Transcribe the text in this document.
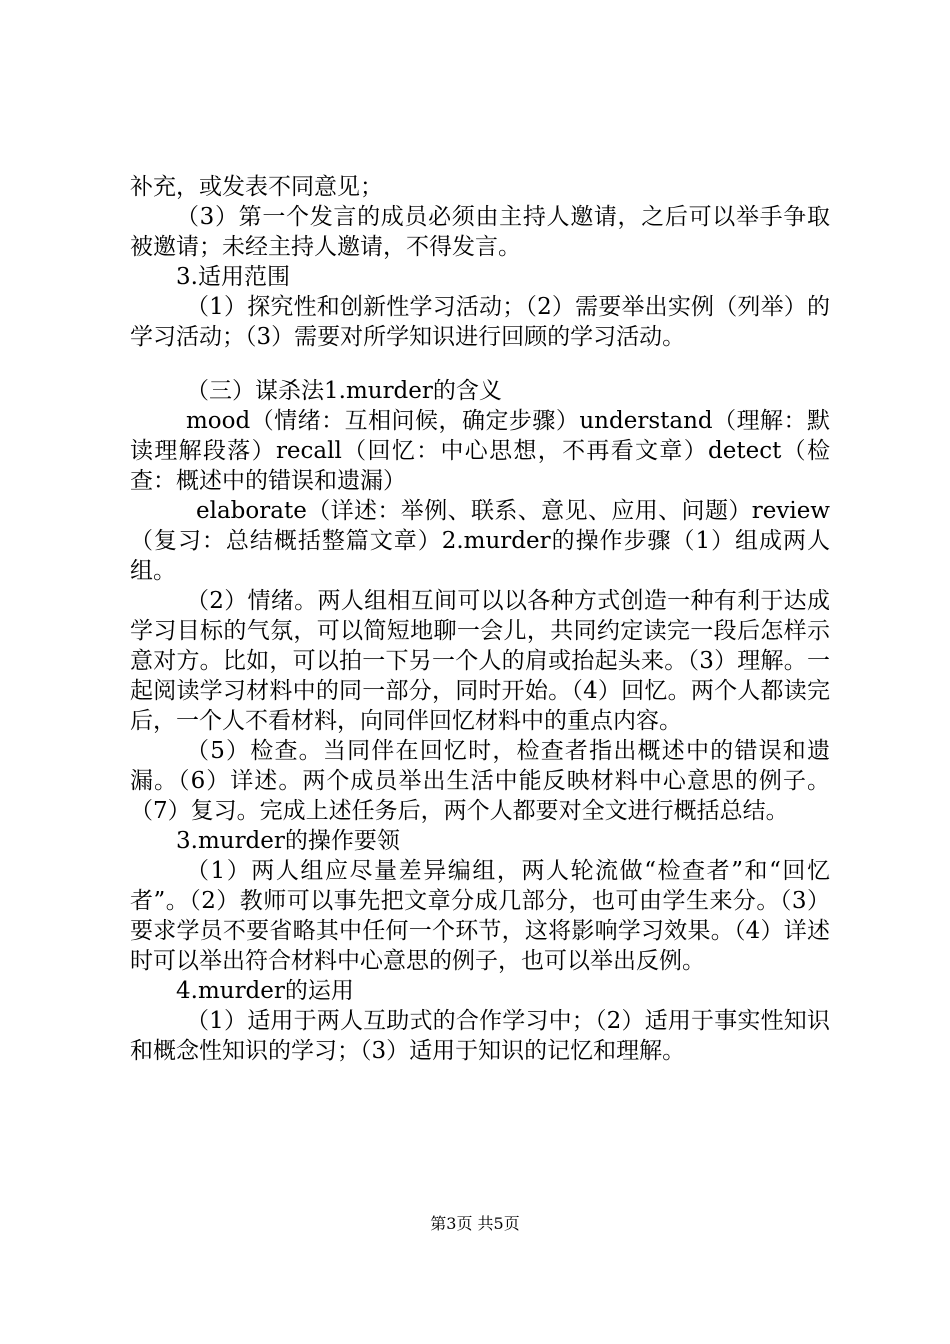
补充，或发表不同意见；

（3）第一个发言的成员必须由主持人邀请，之后可以举手争取被邀请；未经主持人邀请，不得发言。

3.适用范围

（1）探究性和创新性学习活动；（2）需要举出实例（列举）的学习活动；（3）需要对所学知识进行回顾的学习活动。

（三）谋杀法1.murder的含义

mood（情绪：互相问候，确定步骤）understand（理解：默读理解段落）recall（回忆：中心思想，不再看文章）detect（检查：概述中的错误和遗漏）

elaborate（详述：举例、联系、意见、应用、问题）review（复习：总结概括整篇文章）2.murder的操作步骤（1）组成两人组。

（2）情绪。两人组相互间可以以各种方式创造一种有利于达成学习目标的气氛，可以简短地聊一会儿，共同约定读完一段后怎样示意对方。比如，可以拍一下另一个人的肩或抬起头来。（3）理解。一起阅读学习材料中的同一部分，同时开始。（4）回忆。两个人都读完后，一个人不看材料，向同伴回忆材料中的重点内容。

（5）检查。当同伴在回忆时，检查者指出概述中的错误和遗漏。（6）详述。两个成员举出生活中能反映材料中心意思的例子。（7）复习。完成上述任务后，两个人都要对全文进行概括总结。

3.murder的操作要领

（1）两人组应尽量差异编组，两人轮流做“检查者”和“回忆者”。（2）教师可以事先把文章分成几部分，也可由学生来分。（3）要求学员不要省略其中任何一个环节，这将影响学习效果。（4）详述时可以举出符合材料中心意思的例子，也可以举出反例。

4.murder的运用

（1）适用于两人互助式的合作学习中；（2）适用于事实性知识和概念性知识的学习；（3）适用于知识的记忆和理解。

第3页 共5页
